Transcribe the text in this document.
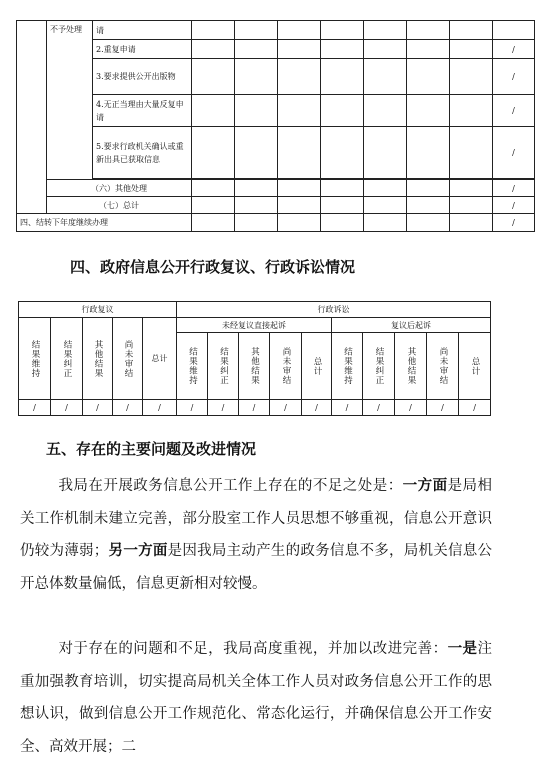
	不予处理	请								
		2.重复申请								/
		3.要求提供公开出版物								/
		4.无正当理由大量反复申请								/
		5.要求行政机关确认或重新出具已获取信息								/

	（六）其他处理									/
	（七）总计									/
四、结转下年度继续办理										/
四、政府信息公开行政复议、行政诉讼情况
行政复议					行政诉讼									

结果维持	结果纠正	其他结果	尚未审结	总计	未经复议直接起诉					复议后起诉				

					结果维持	结果纠正	其他结果	尚未审结	总计	结果维持	结果纠正	其他结果	尚未审结	总计

/	/	/	/	/	/	/	/	/	/	/	/	/	/	/
五、存在的主要问题及改进情况
我局在开展政务信息公开工作上存在的不足之处是：一方面是局相关工作机制未建立完善，部分股室工作人员思想不够重视，信息公开意识仍较为薄弱；另一方面是因我局主动产生的政务信息不多，局机关信息公开总体数量偏低，信息更新相对较慢。
对于存在的问题和不足，我局高度重视，并加以改进完善：一是注重加强教育培训，切实提高局机关全体工作人员对政务信息公开工作的思想认识，做到信息公开工作规范化、常态化运行，并确保信息公开工作安全、高效开展；二
